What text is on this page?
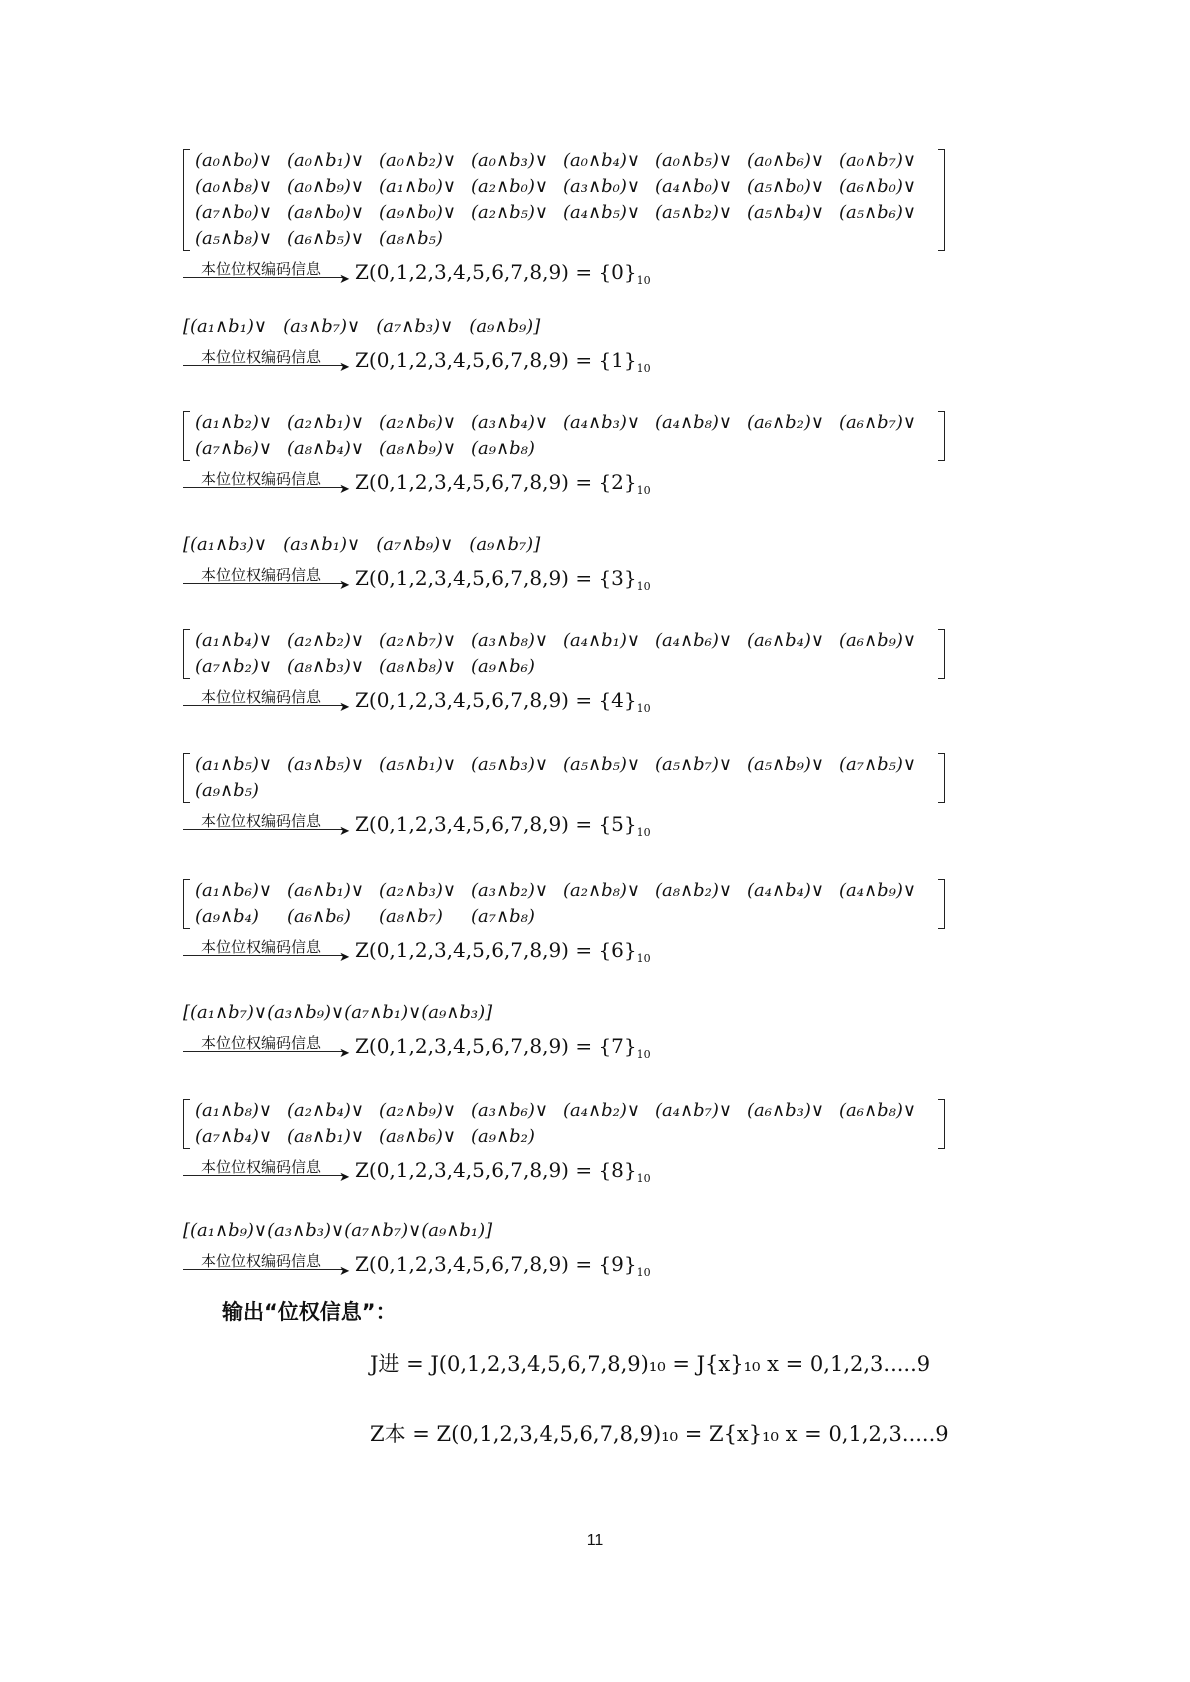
(a₀∧b₀)∨ (a₀∧b₁)∨ (a₀∧b₂)∨ (a₀∧b₃)∨ (a₀∧b₄)∨ (a₀∧b₅)∨ (a₀∧b₆)∨ (a₀∧b₇)∨
(a₀∧b₈)∨ (a₀∧b₉)∨ (a₁∧b₀)∨ (a₂∧b₀)∨ (a₃∧b₀)∨ (a₄∧b₀)∨ (a₅∧b₀)∨ (a₆∧b₀)∨
(a₇∧b₀)∨ (a₈∧b₀)∨ (a₉∧b₀)∨ (a₂∧b₅)∨ (a₄∧b₅)∨ (a₅∧b₂)∨ (a₅∧b₄)∨ (a₅∧b₆)∨
(a₅∧b₈)∨ (a₆∧b₅)∨ (a₈∧b₅)
本位位权编码信息
➤ $Z(0,1,2,3,4,5,6,7,8,9) = \{0\}_{10}$
[(a₁∧b₁)∨ (a₃∧b₇)∨ (a₇∧b₃)∨ (a₉∧b₉)]
本位位权编码信息
➤ $Z(0,1,2,3,4,5,6,7,8,9) = \{1\}_{10}$
(a₁∧b₂)∨ (a₂∧b₁)∨ (a₂∧b₆)∨ (a₃∧b₄)∨ (a₄∧b₃)∨ (a₄∧b₈)∨ (a₆∧b₂)∨ (a₆∧b₇)∨
(a₇∧b₆)∨ (a₈∧b₄)∨ (a₈∧b₉)∨ (a₉∧b₈)
本位位权编码信息
➤ $Z(0,1,2,3,4,5,6,7,8,9) = \{2\}_{10}$
[(a₁∧b₃)∨ (a₃∧b₁)∨ (a₇∧b₉)∨ (a₉∧b₇)]
本位位权编码信息
➤ $Z(0,1,2,3,4,5,6,7,8,9) = \{3\}_{10}$
(a₁∧b₄)∨ (a₂∧b₂)∨ (a₂∧b₇)∨ (a₃∧b₈)∨ (a₄∧b₁)∨ (a₄∧b₆)∨ (a₆∧b₄)∨ (a₆∧b₉)∨
(a₇∧b₂)∨ (a₈∧b₃)∨ (a₈∧b₈)∨ (a₉∧b₆)
本位位权编码信息
➤ $Z(0,1,2,3,4,5,6,7,8,9) = \{4\}_{10}$
(a₁∧b₅)∨ (a₃∧b₅)∨ (a₅∧b₁)∨ (a₅∧b₃)∨ (a₅∧b₅)∨ (a₅∧b₇)∨ (a₅∧b₉)∨ (a₇∧b₅)∨
(a₉∧b₅)
本位位权编码信息
➤ $Z(0,1,2,3,4,5,6,7,8,9) = \{5\}_{10}$
(a₁∧b₆)∨ (a₆∧b₁)∨ (a₂∧b₃)∨ (a₃∧b₂)∨ (a₂∧b₈)∨ (a₈∧b₂)∨ (a₄∧b₄)∨ (a₄∧b₉)∨
(a₉∧b₄) (a₆∧b₆) (a₈∧b₇) (a₇∧b₈)
本位位权编码信息
➤ $Z(0,1,2,3,4,5,6,7,8,9) = \{6\}_{10}$
[(a₁∧b₇)∨(a₃∧b₉)∨(a₇∧b₁)∨(a₉∧b₃)]
本位位权编码信息
➤ $Z(0,1,2,3,4,5,6,7,8,9) = \{7\}_{10}$
(a₁∧b₈)∨ (a₂∧b₄)∨ (a₂∧b₉)∨ (a₃∧b₆)∨ (a₄∧b₂)∨ (a₄∧b₇)∨ (a₆∧b₃)∨ (a₆∧b₈)∨
(a₇∧b₄)∨ (a₈∧b₁)∨ (a₈∧b₆)∨ (a₉∧b₂)
本位位权编码信息
➤ $Z(0,1,2,3,4,5,6,7,8,9) = \{8\}_{10}$
[(a₁∧b₉)∨(a₃∧b₃)∨(a₇∧b₇)∨(a₉∧b₁)]
本位位权编码信息
➤ $Z(0,1,2,3,4,5,6,7,8,9) = \{9\}_{10}$
输出“位权信息”：
J进 = J(0,1,2,3,4,5,6,7,8,9)₁₀ = J{x}₁₀ x = 0,1,2,3.....9
Z本 = Z(0,1,2,3,4,5,6,7,8,9)₁₀ = Z{x}₁₀ x = 0,1,2,3.....9
11
